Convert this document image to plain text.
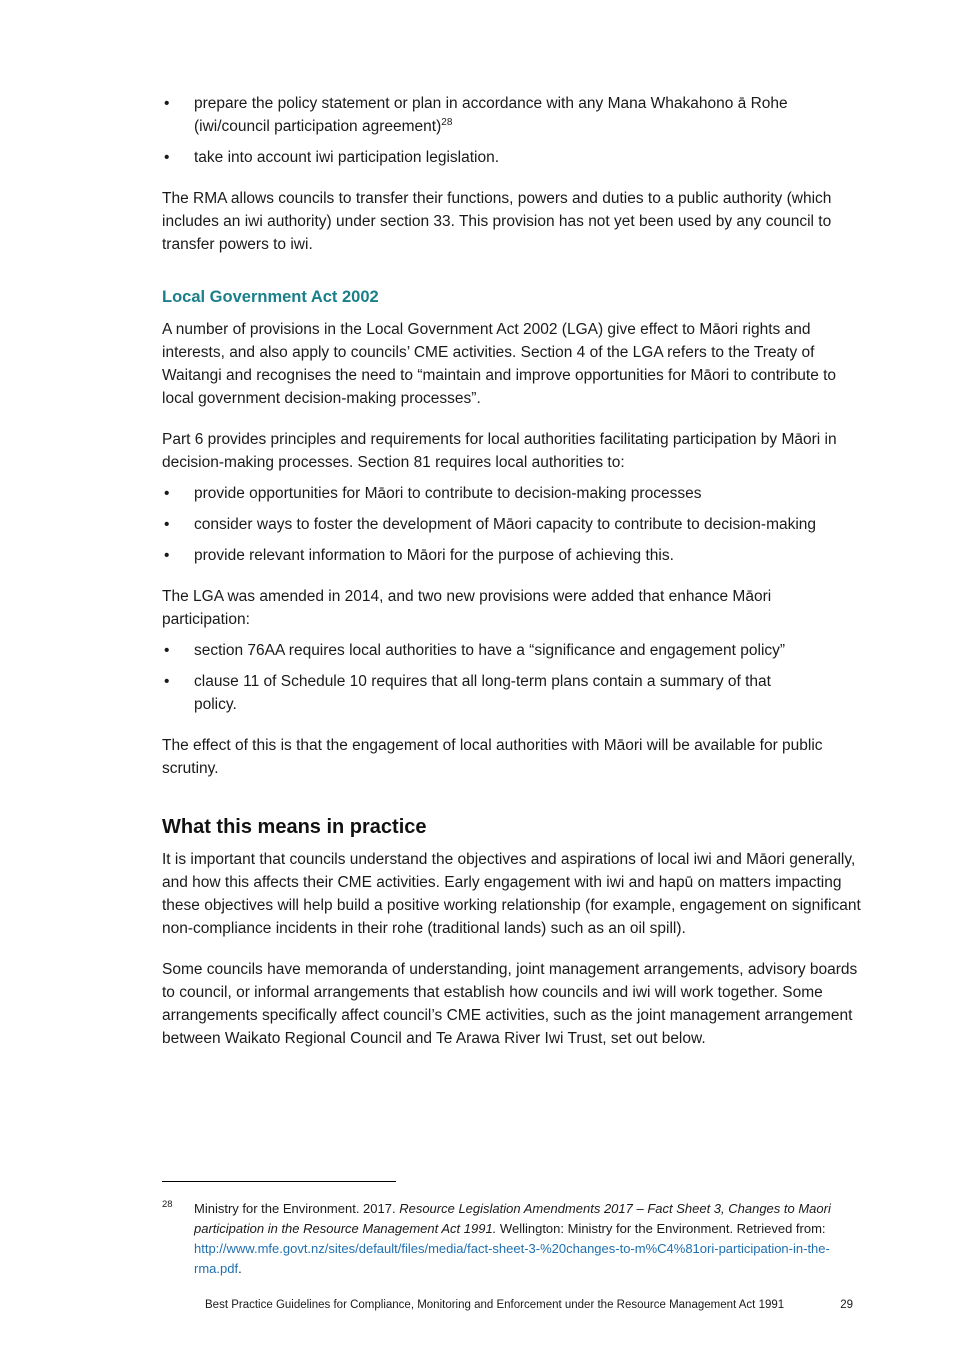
• prepare the policy statement or plan in accordance with any Mana Whakahono ā Rohe (iwi/council participation agreement)$^{28}$
• take into account iwi participation legislation.

The RMA allows councils to transfer their functions, powers and duties to a public authority (which includes an iwi authority) under section 33. This provision has not yet been used by any council to transfer powers to iwi.

Local Government Act 2002

A number of provisions in the Local Government Act 2002 (LGA) give effect to Māori rights and interests, and also apply to councils’ CME activities. Section 4 of the LGA refers to the Treaty of Waitangi and recognises the need to “maintain and improve opportunities for Māori to contribute to local government decision-making processes”.

Part 6 provides principles and requirements for local authorities facilitating participation by Māori in decision-making processes. Section 81 requires local authorities to:

• provide opportunities for Māori to contribute to decision-making processes
• consider ways to foster the development of Māori capacity to contribute to decision-making
• provide relevant information to Māori for the purpose of achieving this.

The LGA was amended in 2014, and two new provisions were added that enhance Māori participation:

• section 76AA requires local authorities to have a “significance and engagement policy”
• clause 11 of Schedule 10 requires that all long-term plans contain a summary of that policy.

The effect of this is that the engagement of local authorities with Māori will be available for public scrutiny.

What this means in practice

It is important that councils understand the objectives and aspirations of local iwi and Māori generally, and how this affects their CME activities. Early engagement with iwi and hapū on matters impacting these objectives will help build a positive working relationship (for example, engagement on significant non-compliance incidents in their rohe (traditional lands) such as an oil spill).

Some councils have memoranda of understanding, joint management arrangements, advisory boards to council, or informal arrangements that establish how councils and iwi will work together. Some arrangements specifically affect council’s CME activities, such as the joint management arrangement between Waikato Regional Council and Te Arawa River Iwi Trust, set out below.

28 Ministry for the Environment. 2017. Resource Legislation Amendments 2017 – Fact Sheet 3, Changes to Maori participation in the Resource Management Act 1991. Wellington: Ministry for the Environment. Retrieved from: http://www.mfe.govt.nz/sites/default/files/media/fact-sheet-3-%20changes-to-m%C4%81ori-participation-in-the-rma.pdf.
Best Practice Guidelines for Compliance, Monitoring and Enforcement under the Resource Management Act 1991	29
